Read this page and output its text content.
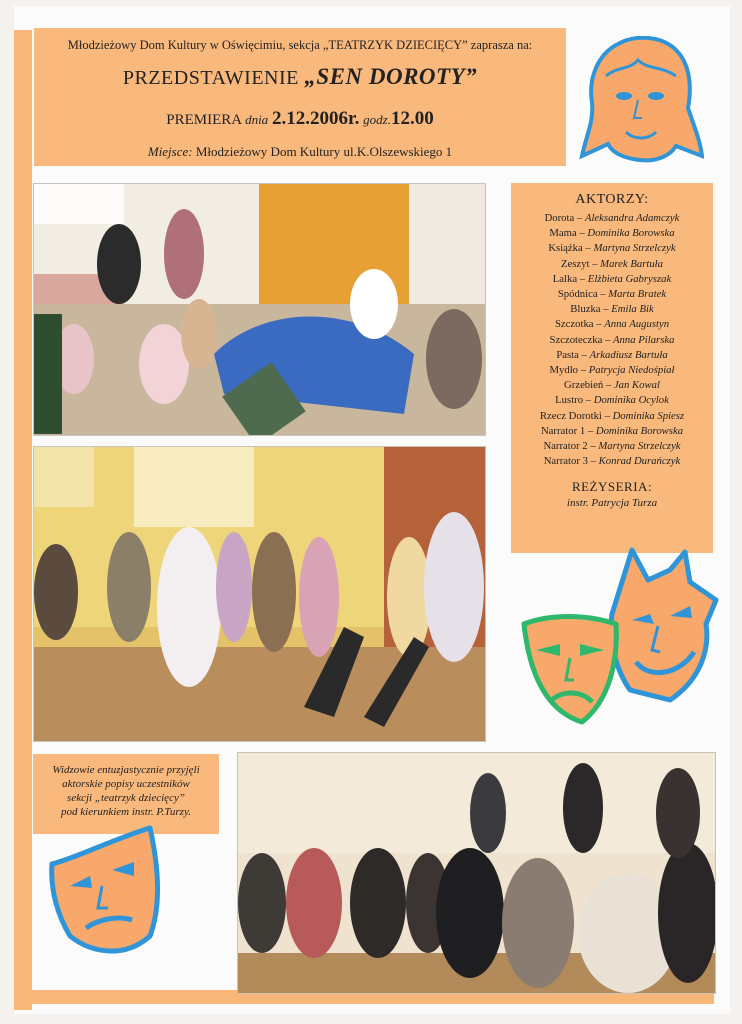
Młodzieżowy Dom Kultury w Oświęcimiu, sekcja „TEATRZYK DZIECIĘCY” zaprasza na:
PRZEDSTAWIENIE „SEN DOROTY”
PREMIERA dnia 2.12.2006r. godz.12.00
Miejsce: Młodzieżowy Dom Kultury ul.K.Olszewskiego 1
AKTORZY:
Dorota – Aleksandra Adamczyk
Mama – Dominika Borowska
Książka – Martyna Strzelczyk
Zeszyt – Marek Bartuła
Lalka – Elżbieta Gabryszak
Spódnica – Marta Bratek
Bluzka – Emila Bik
Szczotka – Anna Augustyn
Szczoteczka – Anna Pilarska
Pasta – Arkadiusz Bartuła
Mydło – Patrycja Niedośpiał
Grzebień – Jan Kowal
Lustro – Dominika Ocylok
Rzecz Dorotki – Dominika Spiesz
Narrator 1 – Dominika Borowska
Narrator 2 – Martyna Strzelczyk
Narrator 3 – Konrad Durańczyk
REŻYSERIA:
instr. Patrycja Turza
Widzowie entuzjastycznie przyjęli
aktorskie popisy uczestników
sekcji „teatrzyk dziecięcy”
pod kierunkiem instr. P.Turzy.
